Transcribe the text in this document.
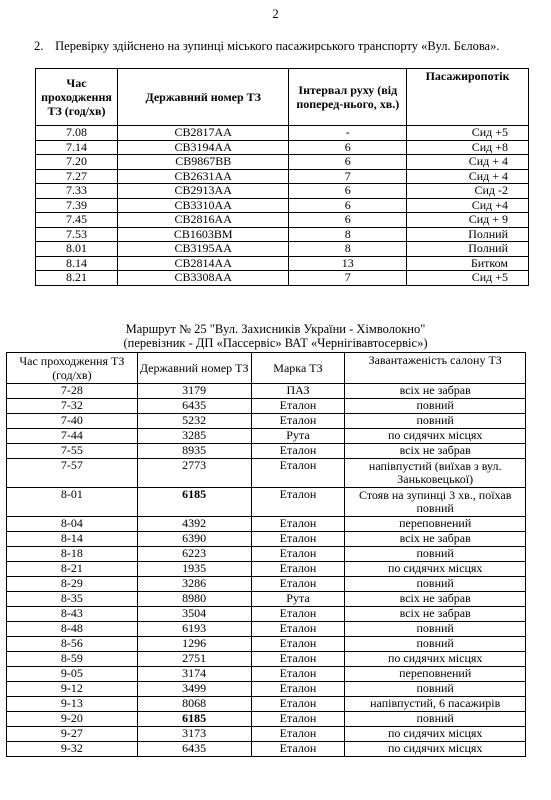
2
2. Перевірку здійснено на зупинці міського пасажирського транспорту «Вул. Бєлова».
Час проходження ТЗ (год/хв)	Державний номер ТЗ	Інтервал руху (від поперед-нього, хв.)	Пасажиропотік
7.08	СВ2817АА	-	Сид +5
7.14	СВ3194АА	6	Сид +8
7.20	СВ9867ВВ	6	Сид + 4
7.27	СВ2631АА	7	Сид + 4
7.33	СВ2913АА	6	Сид -2
7.39	СВ3310АА	6	Сид +4
7.45	СВ2816АА	6	Сид + 9
7.53	СВ1603ВМ	8	Полний
8.01	СВ3195АА	8	Полний
8.14	СВ2814АА	13	Битком
8.21	СВ3308АА	7	Сид +5
Маршрут № 25 "Вул. Захисників України - Хімволокно"
(перевізник - ДП «Пассервіс» ВАТ «Чернігівавтосервіс»)
Час проходження ТЗ (год/хв)	Державний номер ТЗ	Марка ТЗ	Завантаженість салону ТЗ
7-28	3179	ПАЗ	всіх не забрав
7-32	6435	Еталон	повний
7-40	5232	Еталон	повний
7-44	3285	Рута	по сидячих місцях
7-55	8935	Еталон	всіх не забрав
7-57	2773	Еталон	напівпустий (виїхав з вул. Заньковецької)
8-01	6185	Еталон	Стояв на зупинці 3 хв., поїхав повний
8-04	4392	Еталон	переповнений
8-14	6390	Еталон	всіх не забрав
8-18	6223	Еталон	повний
8-21	1935	Еталон	по сидячих місцях
8-29	3286	Еталон	повний
8-35	8980	Рута	всіх не забрав
8-43	3504	Еталон	всіх не забрав
8-48	6193	Еталон	повний
8-56	1296	Еталон	повний
8-59	2751	Еталон	по сидячих місцях
9-05	3174	Еталон	переповнений
9-12	3499	Еталон	повний
9-13	8068	Еталон	напівпустий, 6 пасажирів
9-20	6185	Еталон	повний
9-27	3173	Еталон	по сидячих місцях
9-32	6435	Еталон	по сидячих місцях
